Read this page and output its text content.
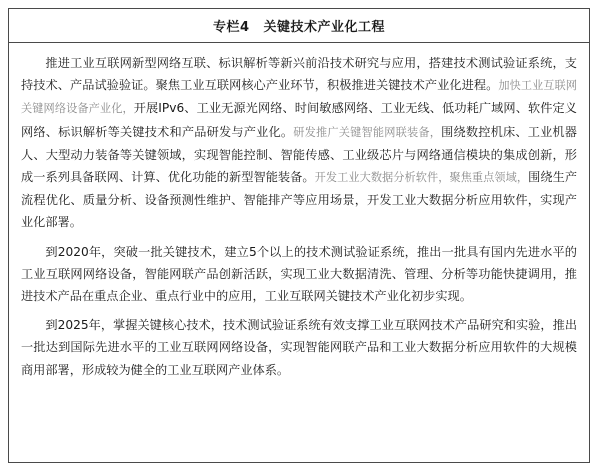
专栏4 关键技术产业化工程

推进工业互联网新型网络互联、标识解析等新兴前沿技术研究与应用，搭建技术测试验证系统，支持技术、产品试验验证。聚焦工业互联网核心产业环节，积极推进关键技术产业化进程。加快工业互联网关键网络设备产业化，开展IPv6、工业无源光网络、时间敏感网络、工业无线、低功耗广域网、软件定义网络、标识解析等关键技术和产品研发与产业化。研发推广关键智能网联装备，围绕数控机床、工业机器人、大型动力装备等关键领域，实现智能控制、智能传感、工业级芯片与网络通信模块的集成创新，形成一系列具备联网、计算、优化功能的新型智能装备。开发工业大数据分析软件，聚焦重点领域，围绕生产流程优化、质量分析、设备预测性维护、智能排产等应用场景，开发工业大数据分析应用软件，实现产业化部署。

到2020年，突破一批关键技术，建立5个以上的技术测试验证系统，推出一批具有国内先进水平的工业互联网网络设备，智能网联产品创新活跃，实现工业大数据清洗、管理、分析等功能快捷调用，推进技术产品在重点企业、重点行业中的应用，工业互联网关键技术产业化初步实现。

到2025年，掌握关键核心技术，技术测试验证系统有效支撑工业互联网技术产品研究和实验，推出一批达到国际先进水平的工业互联网网络设备，实现智能网联产品和工业大数据分析应用软件的大规模商用部署，形成较为健全的工业互联网产业体系。
